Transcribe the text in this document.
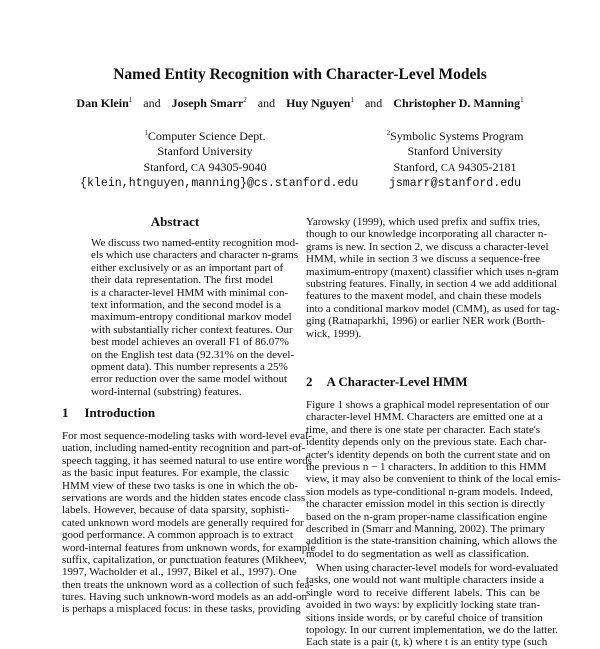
Named Entity Recognition with Character-Level Models
Dan Klein$^1$ and Joseph Smarr$^2$ and Huy Nguyen$^1$ and Christopher D. Manning$^1$
$^1$Computer Science Dept.
Stanford University
Stanford, CA 94305-9040
{klein,htnguyen,manning}@cs.stanford.edu
$^2$Symbolic Systems Program
Stanford University
Stanford, CA 94305-2181
jsmarr@stanford.edu
Abstract
We discuss two named-entity recognition mod-
els which use characters and character n-grams
either exclusively or as an important part of
their data representation. The first model
is a character-level HMM with minimal con-
text information, and the second model is a
maximum-entropy conditional markov model
with substantially richer context features. Our
best model achieves an overall F1 of 86.07%
on the English test data (92.31% on the devel-
opment data). This number represents a 25%
error reduction over the same model without
word-internal (substring) features.
1 Introduction
For most sequence-modeling tasks with word-level eval-
uation, including named-entity recognition and part-of-
speech tagging, it has seemed natural to use entire words
as the basic input features. For example, the classic
HMM view of these two tasks is one in which the ob-
servations are words and the hidden states encode class
labels. However, because of data sparsity, sophisti-
cated unknown word models are generally required for
good performance. A common approach is to extract
word-internal features from unknown words, for example
suffix, capitalization, or punctuation features (Mikheev,
1997, Wacholder et al., 1997, Bikel et al., 1997). One
then treats the unknown word as a collection of such fea-
tures. Having such unknown-word models as an add-on
is perhaps a misplaced focus: in these tasks, providing
Yarowsky (1999), which used prefix and suffix tries,
though to our knowledge incorporating all character n-
grams is new. In section 2, we discuss a character-level
HMM, while in section 3 we discuss a sequence-free
maximum-entropy (maxent) classifier which uses n-gram
substring features. Finally, in section 4 we add additional
features to the maxent model, and chain these models
into a conditional markov model (CMM), as used for tag-
ging (Ratnaparkhi, 1996) or earlier NER work (Borth-
wick, 1999).
2 A Character-Level HMM
Figure 1 shows a graphical model representation of our
character-level HMM. Characters are emitted one at a
time, and there is one state per character. Each state's
identity depends only on the previous state. Each char-
acter's identity depends on both the current state and on
the previous n − 1 characters. In addition to this HMM
view, it may also be convenient to think of the local emis-
sion models as type-conditional n-gram models. Indeed,
the character emission model in this section is directly
based on the n-gram proper-name classification engine
described in (Smarr and Manning, 2002). The primary
addition is the state-transition chaining, which allows the
model to do segmentation as well as classification.
When using character-level models for word-evaluated
tasks, one would not want multiple characters inside a
single word to receive different labels. This can be
avoided in two ways: by explicitly locking state tran-
sitions inside words, or by careful choice of transition
topology. In our current implementation, we do the latter.
Each state is a pair (t, k) where t is an entity type (such
